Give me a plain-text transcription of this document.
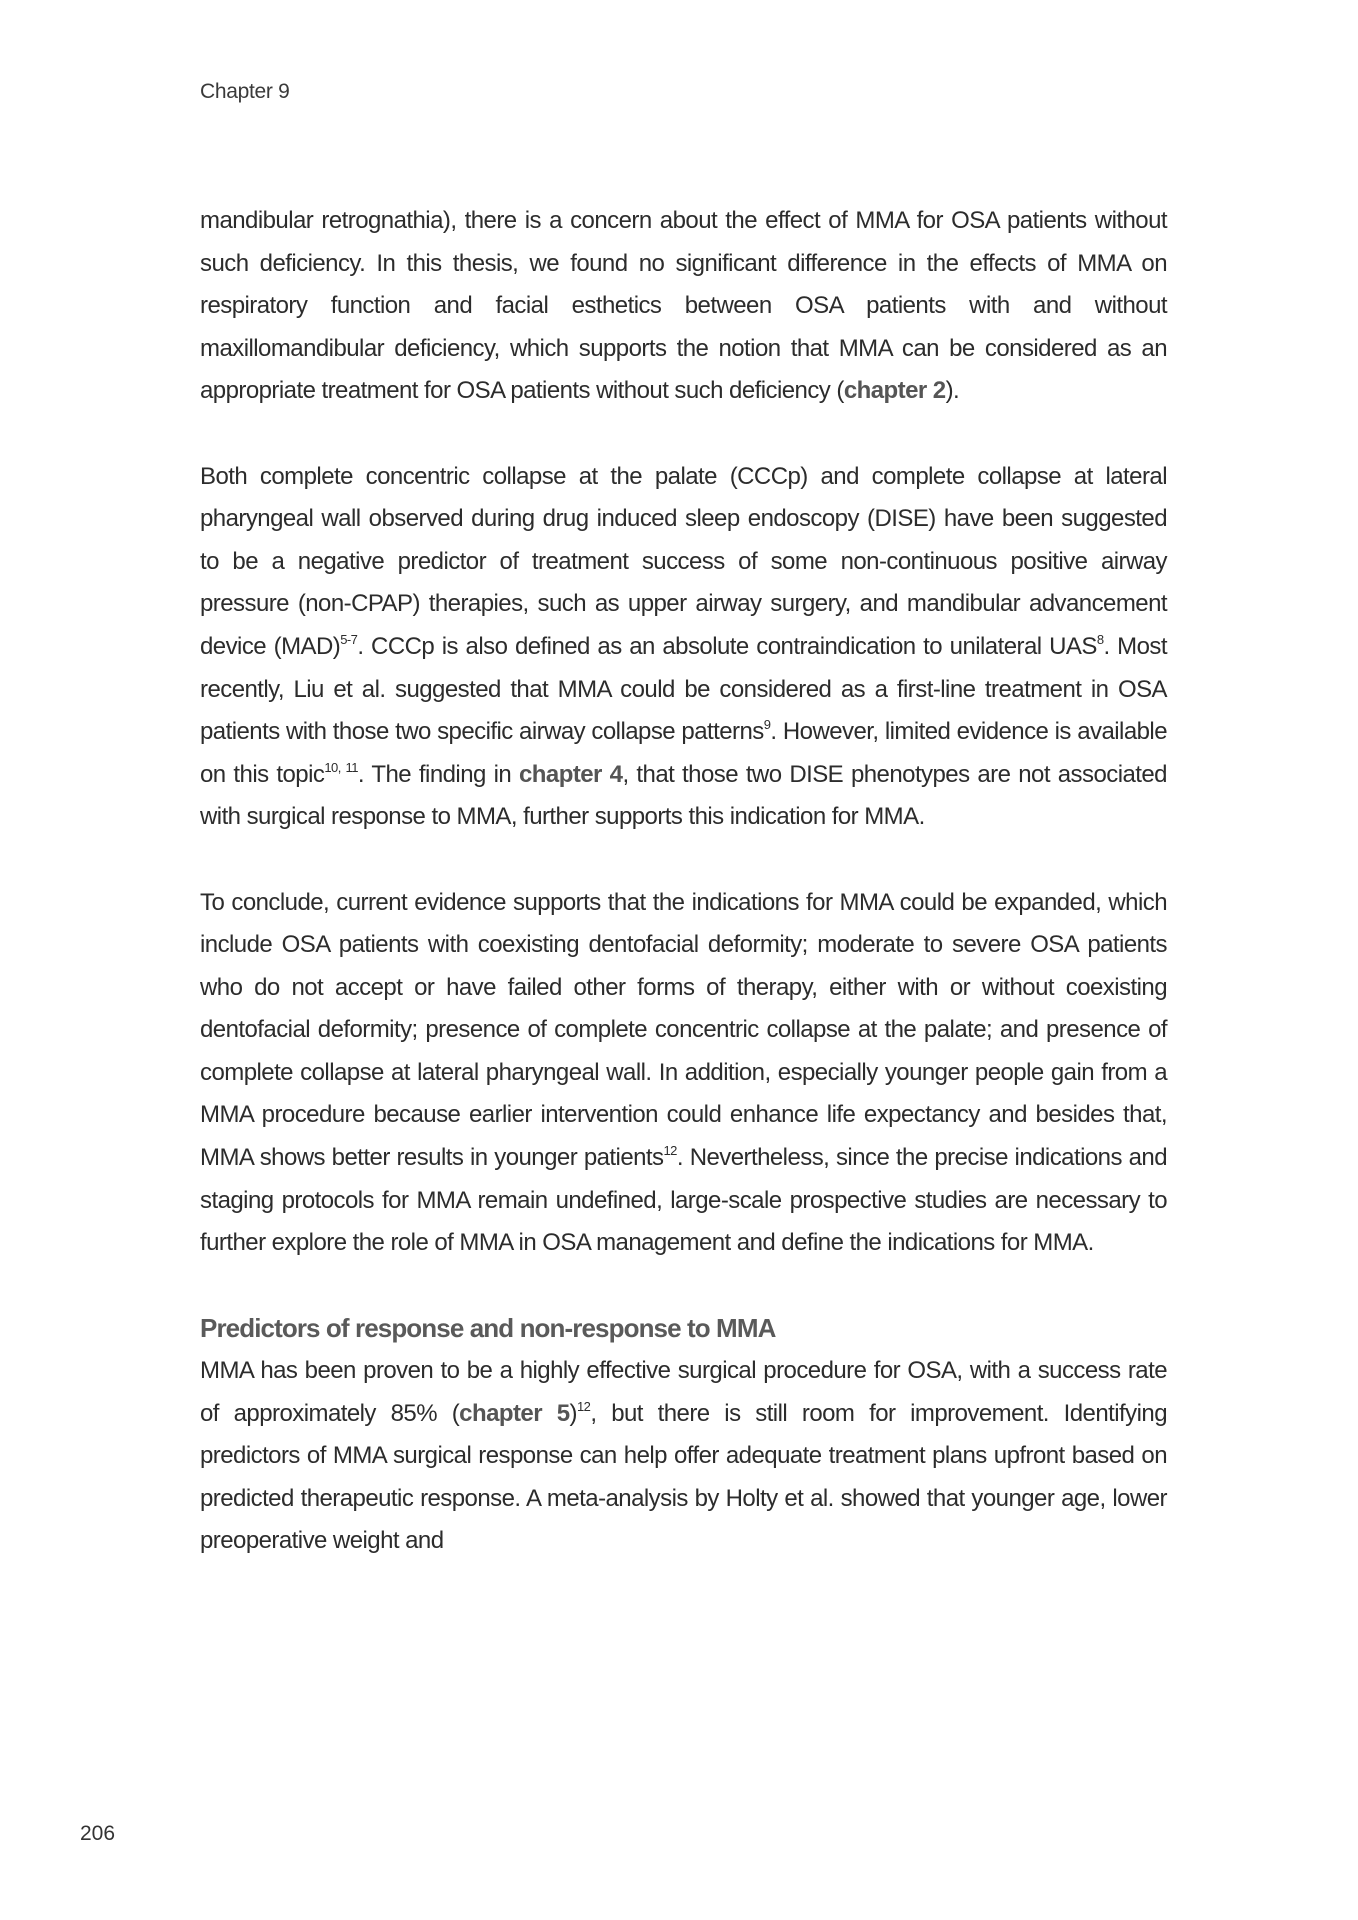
Chapter 9

mandibular retrognathia), there is a concern about the effect of MMA for OSA patients without such deficiency. In this thesis, we found no significant difference in the effects of MMA on respiratory function and facial esthetics between OSA patients with and without maxillomandibular deficiency, which supports the notion that MMA can be considered as an appropriate treatment for OSA patients without such deficiency (chapter 2).

Both complete concentric collapse at the palate (CCCp) and complete collapse at lateral pharyngeal wall observed during drug induced sleep endoscopy (DISE) have been suggested to be a negative predictor of treatment success of some non-continuous positive airway pressure (non-CPAP) therapies, such as upper airway surgery, and mandibular advancement device (MAD)$^{5-7}$. CCCp is also defined as an absolute contraindication to unilateral UAS$^8$. Most recently, Liu et al. suggested that MMA could be considered as a first-line treatment in OSA patients with those two specific airway collapse patterns$^9$. However, limited evidence is available on this topic$^{10, 11}$. The finding in chapter 4, that those two DISE phenotypes are not associated with surgical response to MMA, further supports this indication for MMA.

To conclude, current evidence supports that the indications for MMA could be expanded, which include OSA patients with coexisting dentofacial deformity; moderate to severe OSA patients who do not accept or have failed other forms of therapy, either with or without coexisting dentofacial deformity; presence of complete concentric collapse at the palate; and presence of complete collapse at lateral pharyngeal wall. In addition, especially younger people gain from a MMA procedure because earlier intervention could enhance life expectancy and besides that, MMA shows better results in younger patients$^{12}$. Nevertheless, since the precise indications and staging protocols for MMA remain undefined, large-scale prospective studies are necessary to further explore the role of MMA in OSA management and define the indications for MMA.

Predictors of response and non-response to MMA

MMA has been proven to be a highly effective surgical procedure for OSA, with a success rate of approximately 85% (chapter 5)$^{12}$, but there is still room for improvement. Identifying predictors of MMA surgical response can help offer adequate treatment plans upfront based on predicted therapeutic response. A meta-analysis by Holty et al. showed that younger age, lower preoperative weight and

206
